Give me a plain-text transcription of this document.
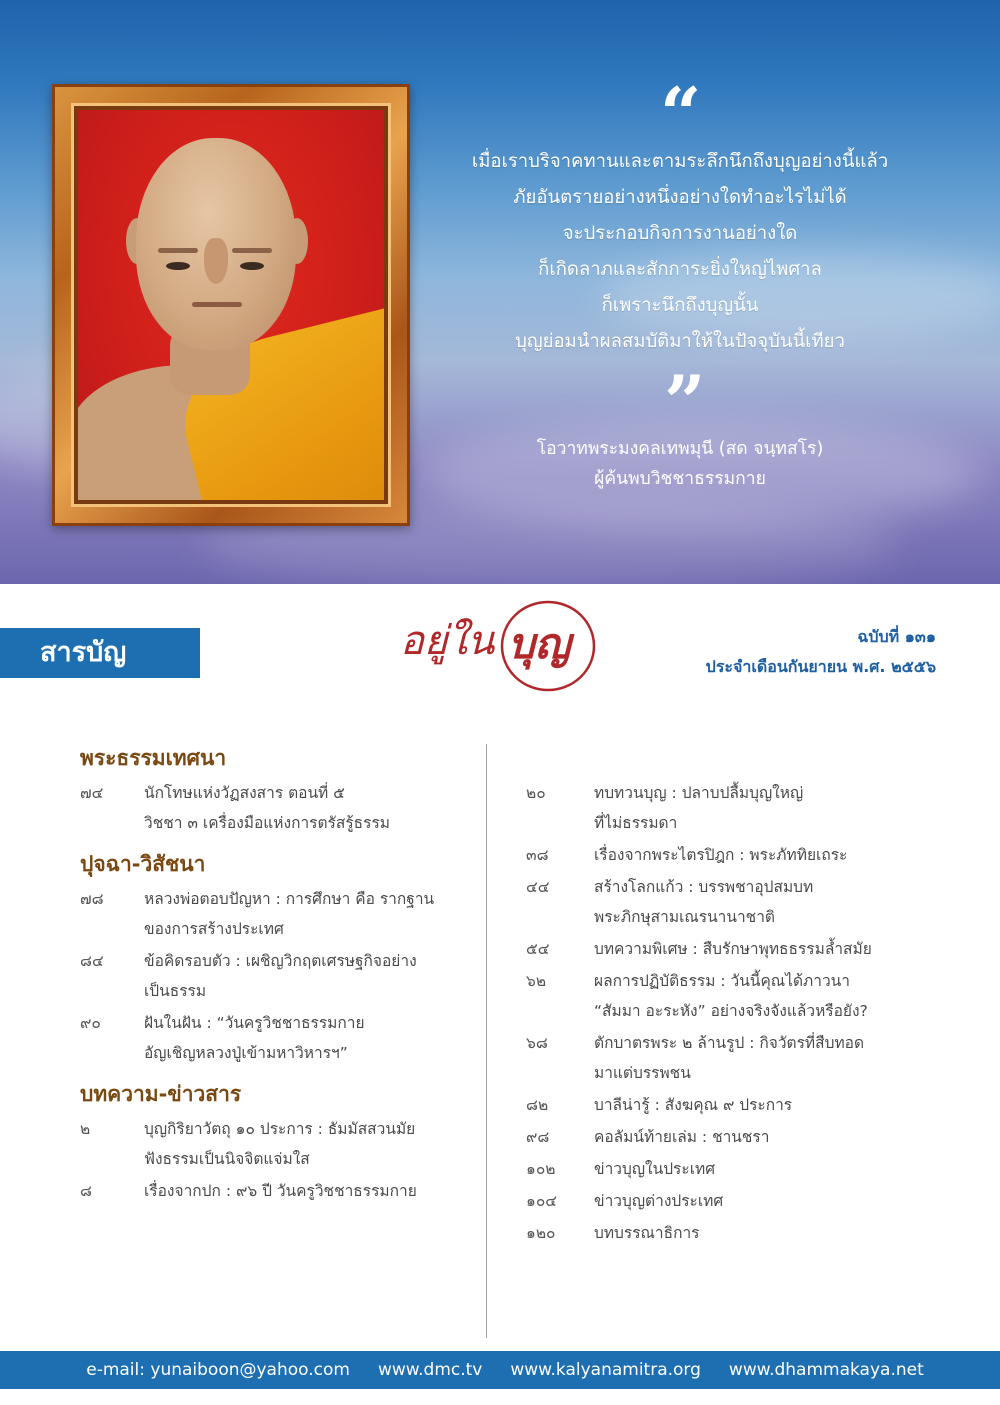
“
เมื่อเราบริจาคทานและตามระลึกนึกถึงบุญอย่างนี้แล้ว
ภัยอันตรายอย่างหนึ่งอย่างใดทำอะไรไม่ได้
จะประกอบกิจการงานอย่างใด
ก็เกิดลาภและสักการะยิ่งใหญ่ไพศาล
ก็เพราะนึกถึงบุญนั้น
บุญย่อมนำผลสมบัติมาให้ในปัจจุบันนี้เทียว
”
โอวาทพระมงคลเทพมุนี (สด จนฺทสโร)
ผู้ค้นพบวิชชาธรรมกาย
สารบัญ	อยู่ใน บุญ	ฉบับที่ ๑๓๑
ประจำเดือนกันยายน พ.ศ. ๒๕๕๖
พระธรรมเทศนา
๗๔	นักโทษแห่งวัฏสงสาร ตอนที่ ๕
วิชชา ๓ เครื่องมือแห่งการตรัสรู้ธรรม
ปุจฉา-วิสัชนา
๗๘	หลวงพ่อตอบปัญหา : การศึกษา คือ รากฐาน
ของการสร้างประเทศ
๘๔	ข้อคิดรอบตัว : เผชิญวิกฤตเศรษฐกิจอย่าง
เป็นธรรม
๙๐	ฝันในฝัน : “วันครูวิชชาธรรมกาย
อัญเชิญหลวงปู่เข้ามหาวิหารฯ”
บทความ-ข่าวสาร
๒	บุญกิริยาวัตถุ ๑๐ ประการ : ธัมมัสสวนมัย
ฟังธรรมเป็นนิจจิตแจ่มใส
๘	เรื่องจากปก : ๙๖ ปี วันครูวิชชาธรรมกาย
๒๐	ทบทวนบุญ : ปลาบปลื้มบุญใหญ่
ที่ไม่ธรรมดา
๓๘	เรื่องจากพระไตรปิฎก : พระภัททิยเถระ
๔๔	สร้างโลกแก้ว : บรรพชาอุปสมบท
พระภิกษุสามเณรนานาชาติ
๕๔	บทความพิเศษ : สืบรักษาพุทธธรรมล้ำสมัย
๖๒	ผลการปฏิบัติธรรม : วันนี้คุณได้ภาวนา
“สัมมา อะระหัง” อย่างจริงจังแล้วหรือยัง?
๖๘	ตักบาตรพระ ๒ ล้านรูป : กิจวัตรที่สืบทอด
มาแต่บรรพชน
๘๒	บาลีน่ารู้ : สังฆคุณ ๙ ประการ
๙๘	คอลัมน์ท้ายเล่ม : ชานชรา
๑๐๒	ข่าวบุญในประเทศ
๑๐๔	ข่าวบุญต่างประเทศ
๑๒๐	บทบรรณาธิการ
e-mail: yunaiboon@yahoo.com www.dmc.tv www.kalyanamitra.org www.dhammakaya.net
